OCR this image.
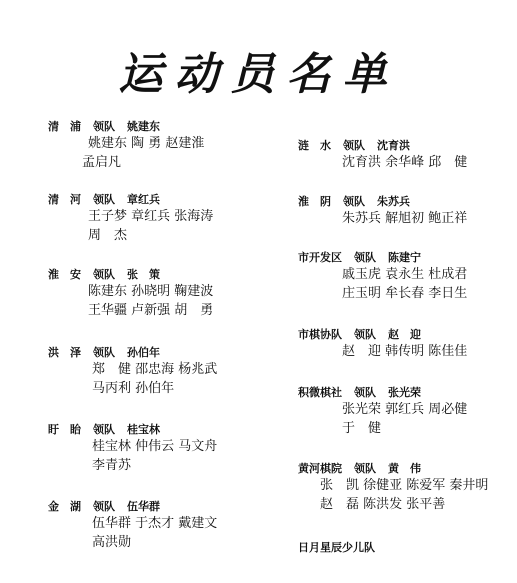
运动员名单
清　浦 领队 姚建东
姚建东 陶 勇 赵建淮
孟启凡
清　河 领队 章红兵
王子梦 章红兵 张海涛
周　杰
淮　安 领队 张　策
陈建东 孙晓明 鞠建波
王华疆 卢新强 胡　勇
洪　泽 领队 孙伯年
郑　健 邵忠海 杨兆武
马丙利 孙伯年
盱　眙 领队 桂宝林
桂宝林 仲伟云 马文舟
李青苏
金　湖 领队 伍华群
伍华群 于杰才 戴建文
高洪勋
涟　水 领队 沈育洪
沈育洪 余华峰 邱　健
淮　阴 领队 朱苏兵
朱苏兵 解旭初 鲍正祥
市开发区 领队 陈建宁
戚玉虎 袁永生 杜成君
庄玉明 牟长春 李日生
市棋协队 领队 赵　迎
赵　迎 韩传明 陈佳佳
积微棋社 领队 张光荣
张光荣 郭红兵 周必健
于　健
黄河棋院 领队 黄　伟
张　凯 徐健亚 陈爱军 秦井明
赵　磊 陈洪发 张平善
日月星辰少儿队
